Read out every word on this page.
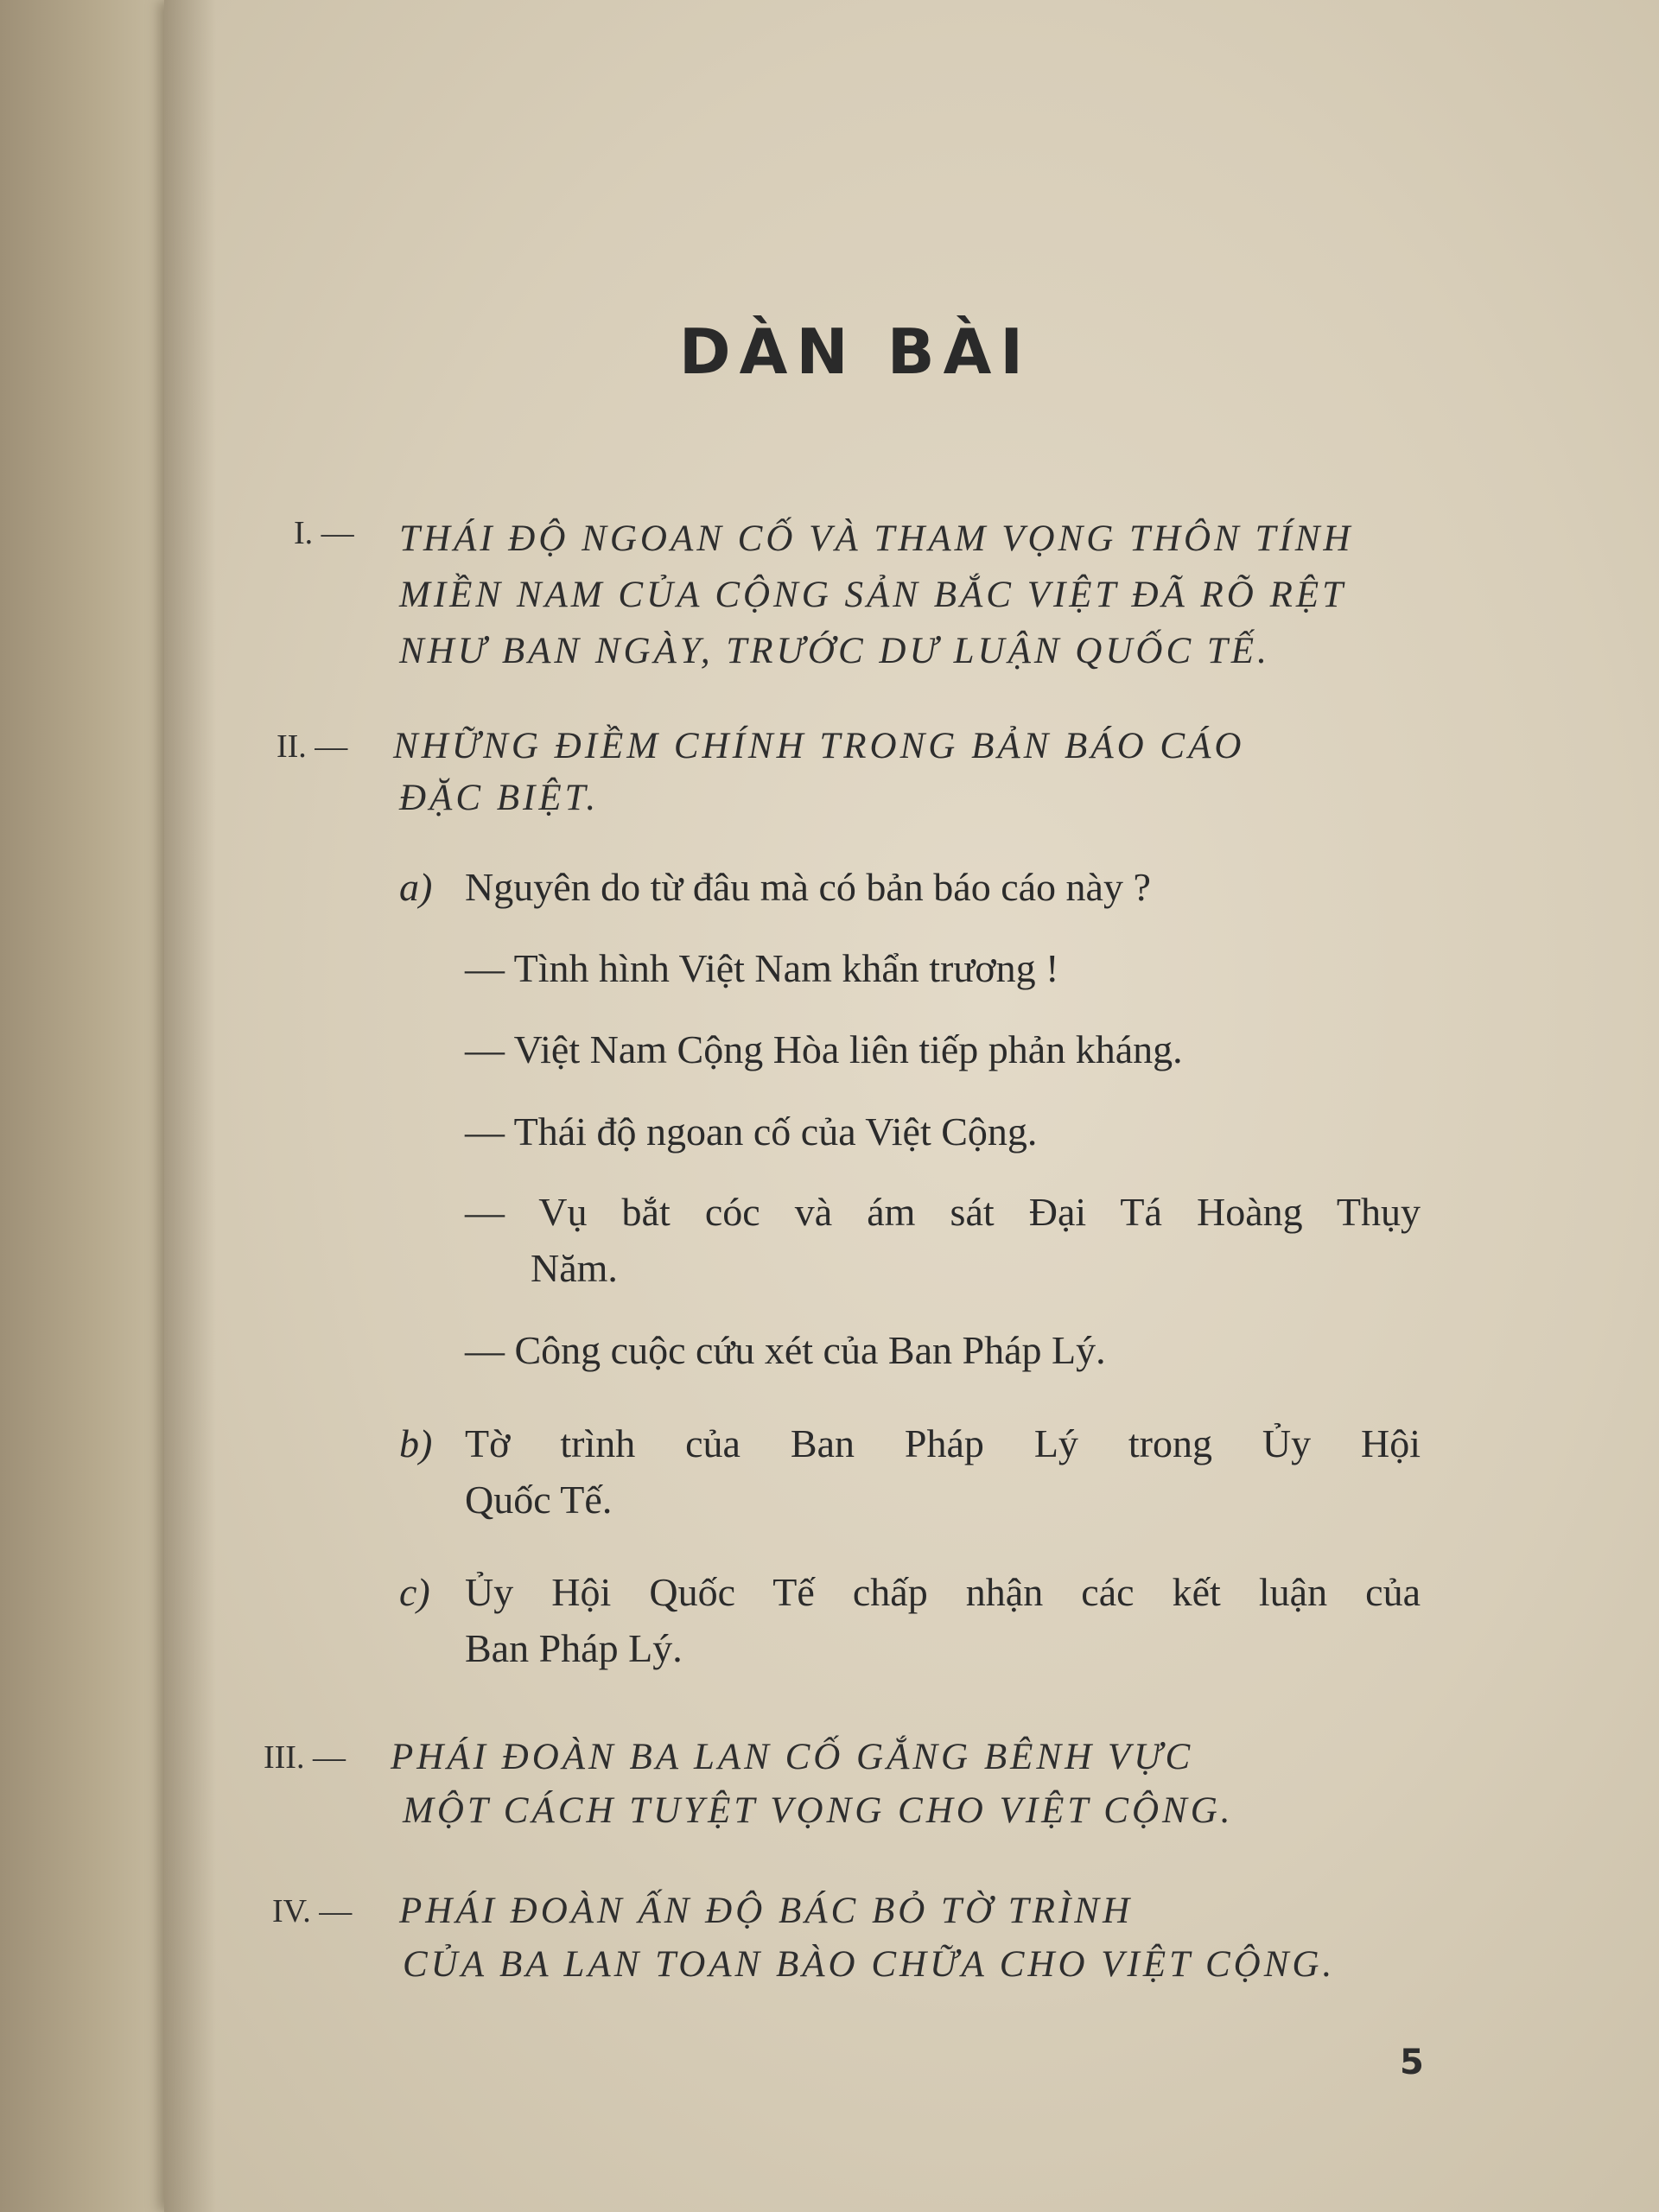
DÀN BÀI
I. — THÁI ĐỘ NGOAN CỐ VÀ THAM VỌNG THÔN TÍNH
MIỀN NAM CỦA CỘNG SẢN BẮC VIỆT ĐÃ RÕ RỆT
NHƯ BAN NGÀY, TRƯỚC DƯ LUẬN QUỐC TẾ.
II. — NHỮNG ĐIỀM CHÍNH TRONG BẢN BÁO CÁO
ĐẶC BIỆT.
a) Nguyên do từ đâu mà có bản báo cáo này ?
— Tình hình Việt Nam khẩn trương !
— Việt Nam Cộng Hòa liên tiếp phản kháng.
— Thái độ ngoan cố của Việt Cộng.
— Vụ bắt cóc và ám sát Đại Tá Hoàng Thụy
Năm.
— Công cuộc cứu xét của Ban Pháp Lý.
b) Tờ trình của Ban Pháp Lý trong Ủy Hội
Quốc Tế.
c) Ủy Hội Quốc Tế chấp nhận các kết luận của
Ban Pháp Lý.
III. — PHÁI ĐOÀN BA LAN CỐ GẮNG BÊNH VỰC
MỘT CÁCH TUYỆT VỌNG CHO VIỆT CỘNG.
IV. — PHÁI ĐOÀN ẤN ĐỘ BÁC BỎ TỜ TRÌNH
CỦA BA LAN TOAN BÀO CHỮA CHO VIỆT CỘNG.
5
